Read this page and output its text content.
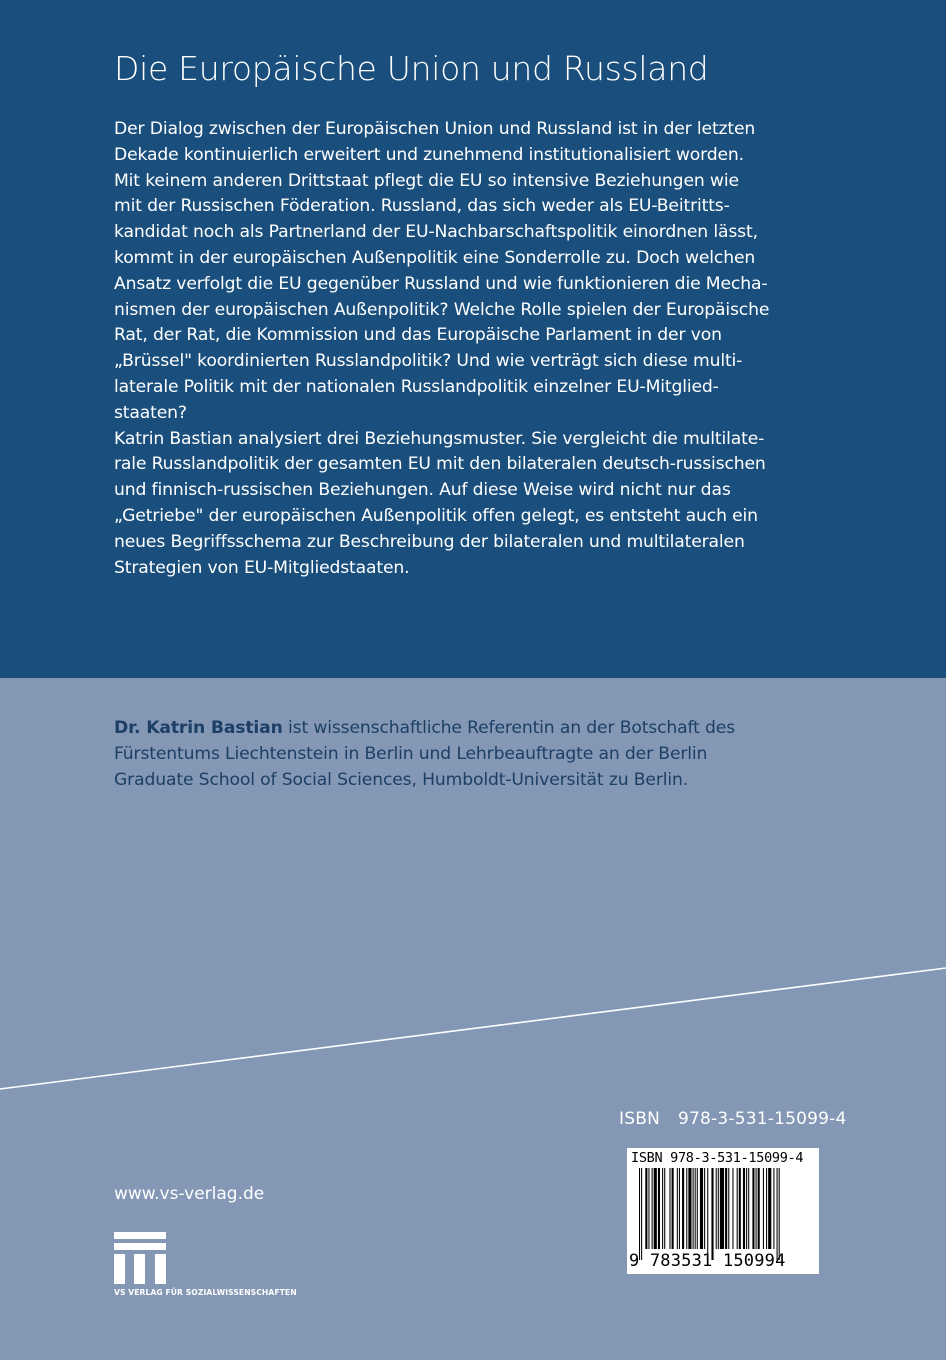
Die Europäische Union und Russland
Der Dialog zwischen der Europäischen Union und Russland ist in der letzten
Dekade kontinuierlich erweitert und zunehmend institutionalisiert worden.
Mit keinem anderen Drittstaat pflegt die EU so intensive Beziehungen wie
mit der Russischen Föderation. Russland, das sich weder als EU-Beitritts-
kandidat noch als Partnerland der EU-Nachbarschaftspolitik einordnen lässt,
kommt in der europäischen Außenpolitik eine Sonderrolle zu. Doch welchen
Ansatz verfolgt die EU gegenüber Russland und wie funktionieren die Mecha-
nismen der europäischen Außenpolitik? Welche Rolle spielen der Europäische
Rat, der Rat, die Kommission und das Europäische Parlament in der von
„Brüssel" koordinierten Russlandpolitik? Und wie verträgt sich diese multi-
laterale Politik mit der nationalen Russlandpolitik einzelner EU-Mitglied-
staaten?
Katrin Bastian analysiert drei Beziehungsmuster. Sie vergleicht die multilate-
rale Russlandpolitik der gesamten EU mit den bilateralen deutsch-russischen
und finnisch-russischen Beziehungen. Auf diese Weise wird nicht nur das
„Getriebe" der europäischen Außenpolitik offen gelegt, es entsteht auch ein
neues Begriffsschema zur Beschreibung der bilateralen und multilateralen
Strategien von EU-Mitgliedstaaten.
Dr. Katrin Bastian ist wissenschaftliche Referentin an der Botschaft des
Fürstentums Liechtenstein in Berlin und Lehrbeauftragte an der Berlin
Graduate School of Social Sciences, Humboldt-Universität zu Berlin.
ISBN 978-3-531-15099-4
ISBN 978-3-531-15099-4
9 783531 150994
www.vs-verlag.de
VS VERLAG FÜR SOZIALWISSENSCHAFTEN
